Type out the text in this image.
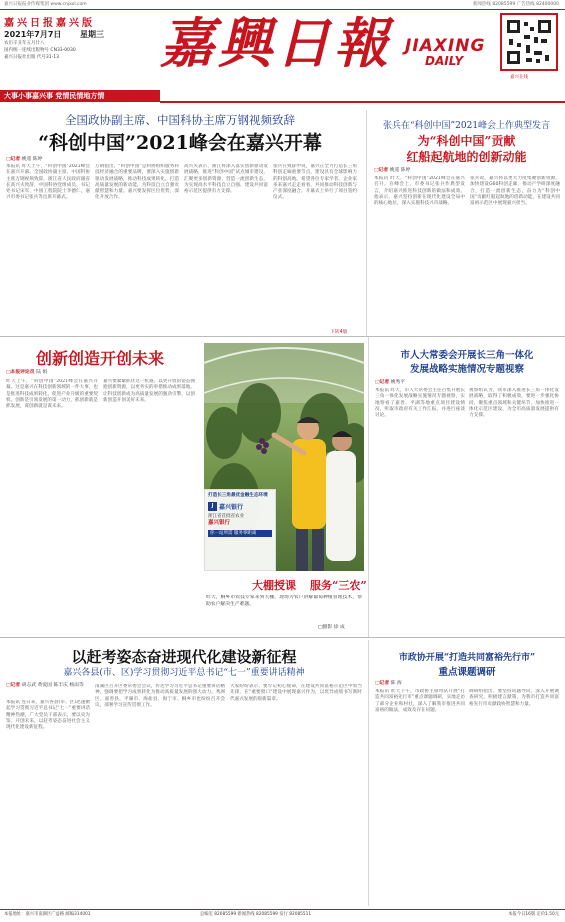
嘉兴日报报业传媒集团 www.cnjxol.com	新闻热线 82085599 广告热线 82400000
嘉兴日报嘉兴版
2021年7月7日 星期三
农历辛丑年五月廿八
国内统一连续出版物号 CN33-0030
嘉兴日报社出版 代号31-13 嘉興日報 JIAXING
DAILY
嘉兴在线
大事小事嘉兴事 党情民情地方情
全国政协副主席、中国科协主席万钢视频致辞
“科创中国”2021峰会在嘉兴开幕
□记者 姚遥 陈婷
本报讯 昨天上午，“科创中国”2021峰会在嘉兴开幕。全国政协副主席、中国科协主席万钢视频致辞。浙江省人民政府副省长高兴夫致辞，中国科协党组成员、书记处书记宋军，中国工程院院士李德仁，嘉兴市委书记张兵等出席开幕式。
万钢指出，“科创中国”是科协组织服务科技经济融合的重要品牌，要深入实施创新驱动发展战略，推动科技成果转化，打造高质量发展的新动能，为科技自立自强贡献智慧和力量。嘉兴要发挥区位优势，深化开放合作。
高兴夫表示，浙江将深入落实创新驱动发展战略，推进“科创中国”试点城市建设，汇聚更多创新资源，营造一流创新生态，为实现高水平科技自立自强、建设共同富裕示范区提供有力支撑。
张兵在致辞中说，嘉兴正全力打造长三角科创走廊重要节点，建设具有全球影响力的科创高地。希望各位专家学者、企业家多来嘉兴走走看看，共同推动科技创新与产业深度融合。开幕式上举行了项目签约仪式。
下转4版
张兵在“科创中国”2021峰会上作典型发言
为“科创中国”贡献
红船起航地的创新动能
□记者 姚遥 陈婷
本报讯 昨天，“科创中国”2021峰会在嘉兴召开。在峰会上，市委书记张兵作典型发言，介绍嘉兴推进科技创新的做法和成效。他表示，嘉兴坚持创新在现代化建设全局中的核心地位，深入实施科技兴市战略。
张兵说，嘉兴将以更大力度集聚创新资源，加快建设G60科创走廊，推动产学研深度融合，打造一流创新生态，奋力为“科创中国”贡献红船起航地的创新动能，在建设共同富裕示范区中展现嘉兴担当。
创新创造开创未来
□本报评论员 陆 娟
昨天上午，“科创中国”2021峰会在嘉兴开幕。这是嘉兴在科技创新领域的一件大事，也是推进科技成果转化、促进产业升级的重要契机。创新是引领发展的第一动力，抓创新就是抓发展，谋创新就是谋未来。
嘉兴要紧紧抓住这一机遇，以更开放的姿态拥抱创新资源，以更务实的举措推动成果落地，让科技创新成为高质量发展的强劲引擎，以创新创造开创美好未来。
打造长三角最优金融生态环境
J 嘉兴银行
浙江省首批省农业
嘉兴银行
你一站所需 服务零距离
大棚授课 服务“三农”
昨天，桐乡市农技专家来到大棚，现场为农户讲解葡萄种植管理技术，帮助农户解决生产难题。
□摄影 徐 成
市人大常委会开展长三角一体化
发展战略实施情况专题视察
□记者 姚秀平
本报讯 昨天，市人大常委会主任召集开展长三角一体化发展战略实施情况专题视察，实地察看了嘉善、平湖等地重点项目建设情况，听取市政府有关工作汇报，并进行座谈讨论。
视察组认为，我市深入推进长三角一体化发展战略，取得了积极成效。要进一步强化协同，聚焦重点领域和关键环节，加快推进一体化示范区建设，为全市高质量发展提供有力支撑。
以赶考姿态奋进现代化建设新征程
嘉兴各县(市、区)学习贯彻习近平总书记“七一”重要讲话精神
□记者 胡志武 黄爱国 陈丰庆 杨雨等
本报讯 连日来，嘉兴各县(市、区)迅速掀起学习贯彻习近平总书记“七一”重要讲话精神热潮，广大党员干部表示，要以史为鉴、开创未来，以赶考姿态奋进社会主义现代化建设新征程。
南湖区召开区委常委会会议，传达学习习近平总书记重要讲话精神，强调要把学习成果转化为推动高质量发展的强大动力。秀洲区、嘉善县、平湖市、海盐县、海宁市、桐乡市也纷纷召开会议，部署学习宣传贯彻工作。
大家纷纷表示，要牢记初心使命，在建设共同富裕示范区中勇当先锋，在“重要窗口”建设中展现嘉兴作为，以优异成绩书写新时代嘉兴发展的崭新篇章。
市政协开展“打造共同富裕先行市”
重点课题调研
□记者 陈 海
本报讯 昨天下午，市政协主席带队开展“打造共同富裕先行市”重点课题调研，实地走访了部分企业和村社，深入了解我市推进共同富裕的做法、成效及存在问题。
调研组指出，要坚持问题导向，深入开展调查研究，积极建言献策，为我市打造共同富裕先行市贡献政协智慧和力量。
本报地址：嘉兴市南湖区广益路 邮编314001	总编室 82085599 新闻热线 82085599 发行 82085511	本报今日16版 定价1.50元
